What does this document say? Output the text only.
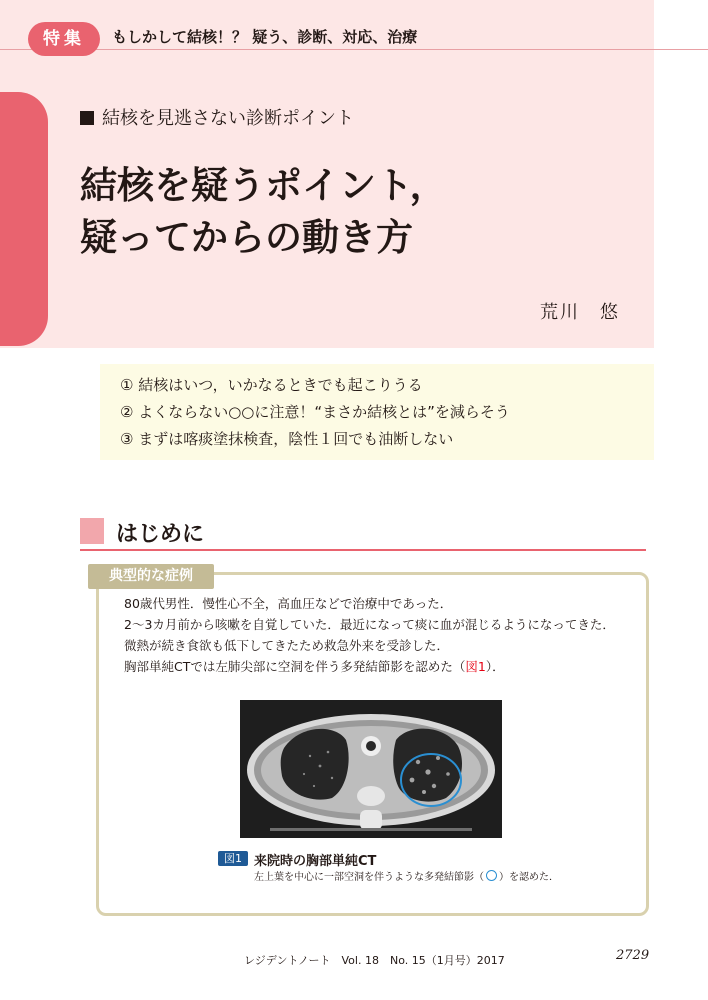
特集	もしかして結核！？ 疑う、診断、対応、治療
結核を見逃さない診断ポイント
結核を疑うポイント，
疑ってからの動き方
荒川　悠
① 結核はいつ，いかなるときでも起こりうる
② よくならない○○に注意！“まさか結核とは”を減らそう
③ まずは喀痰塗抹検査，陰性１回でも油断しない
はじめに
典型的な症例
80歳代男性．慢性心不全，高血圧などで治療中であった．
2～3カ月前から咳嗽を自覚していた．最近になって痰に血が混じるようになってきた．
微熱が続き食欲も低下してきたため救急外来を受診した．
胸部単純CTでは左肺尖部に空洞を伴う多発結節影を認めた（図1）．
図1 来院時の胸部単純CT
左上葉を中心に一部空洞を伴うような多発結節影（ ）を認めた．
レジデントノート　Vol. 18　No. 15（1月号）2017	2729
